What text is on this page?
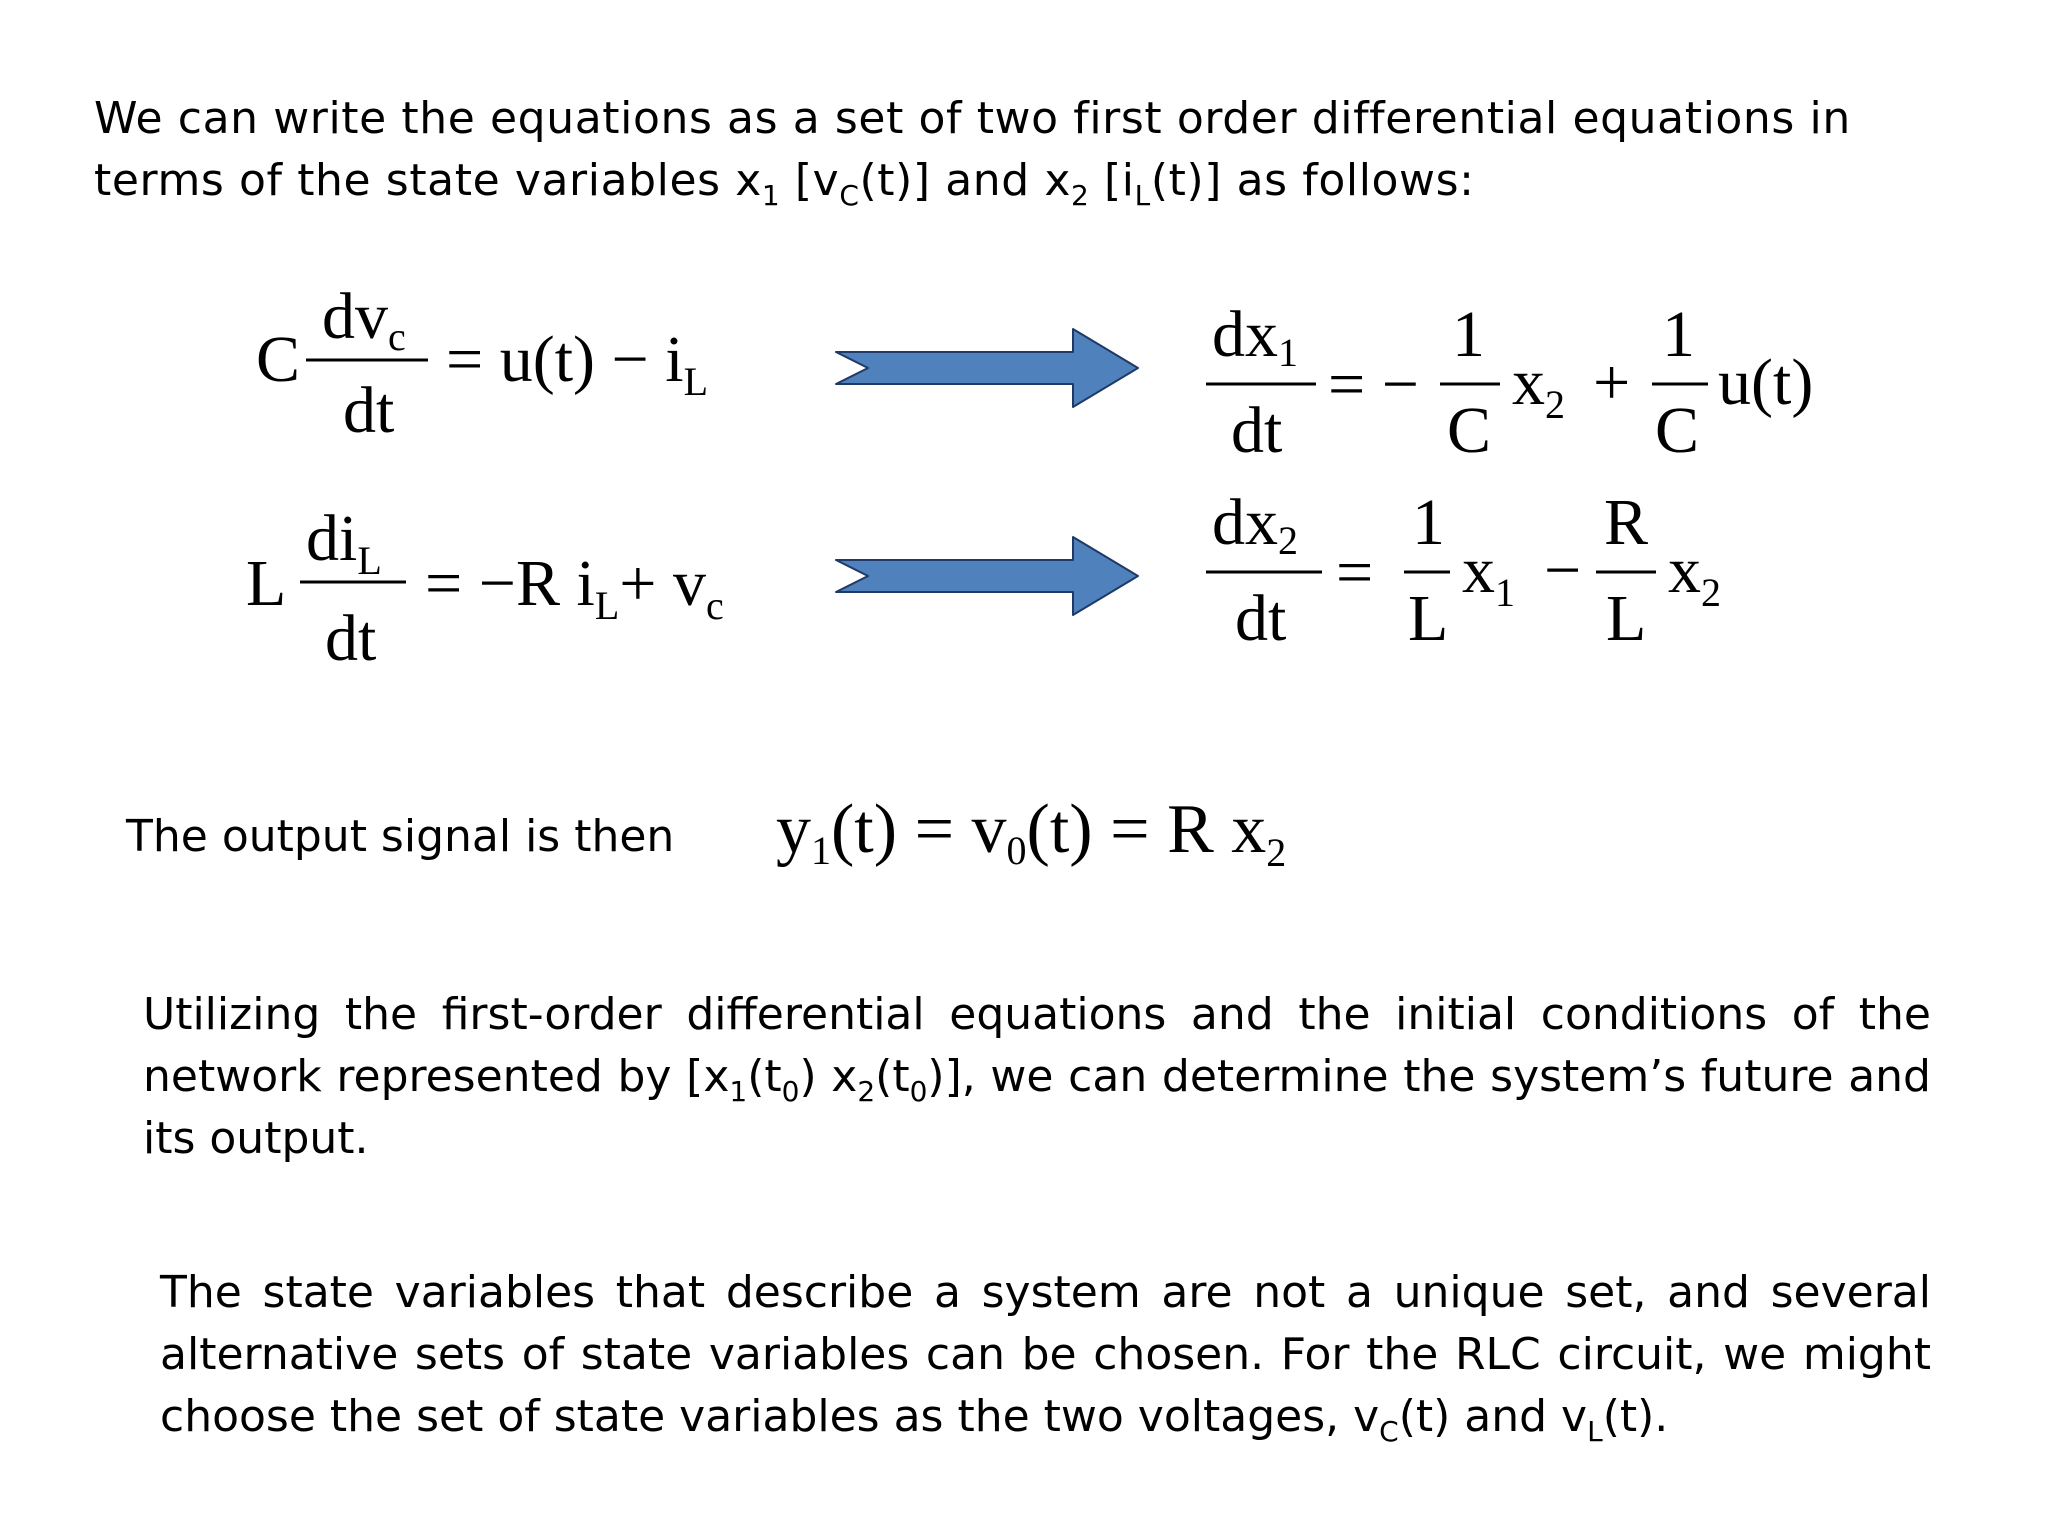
We can write the equations as a set of two first order differential equations in terms of the state variables $x_1$ $[v_C(t)]$ and $x_2$ $[i_L(t)]$ as follows:

C
dvc
dt
= $u(t) - i_L$
L
$di_L$
dt
= −R $i_L+ v_c$
dx1
dt
= −
1
C
$x_2$ +
1
C
u(t)
dx2
dt
=
1
L
$x_1$ −
R
L
$x_2$
y1(t) = v0(t) = R $x_2$

The output signal is then

Utilizing the first-order differential equations and the initial conditions of the network represented by [$x_1(t_0)$ $x_2(t_0)$], we can determine the system’s future and its output.

The state variables that describe a system are not a unique set, and several alternative sets of state variables can be chosen. For the RLC circuit, we might choose the set of state variables as the two voltages, $v_C(t)$ and $v_L(t)$.
